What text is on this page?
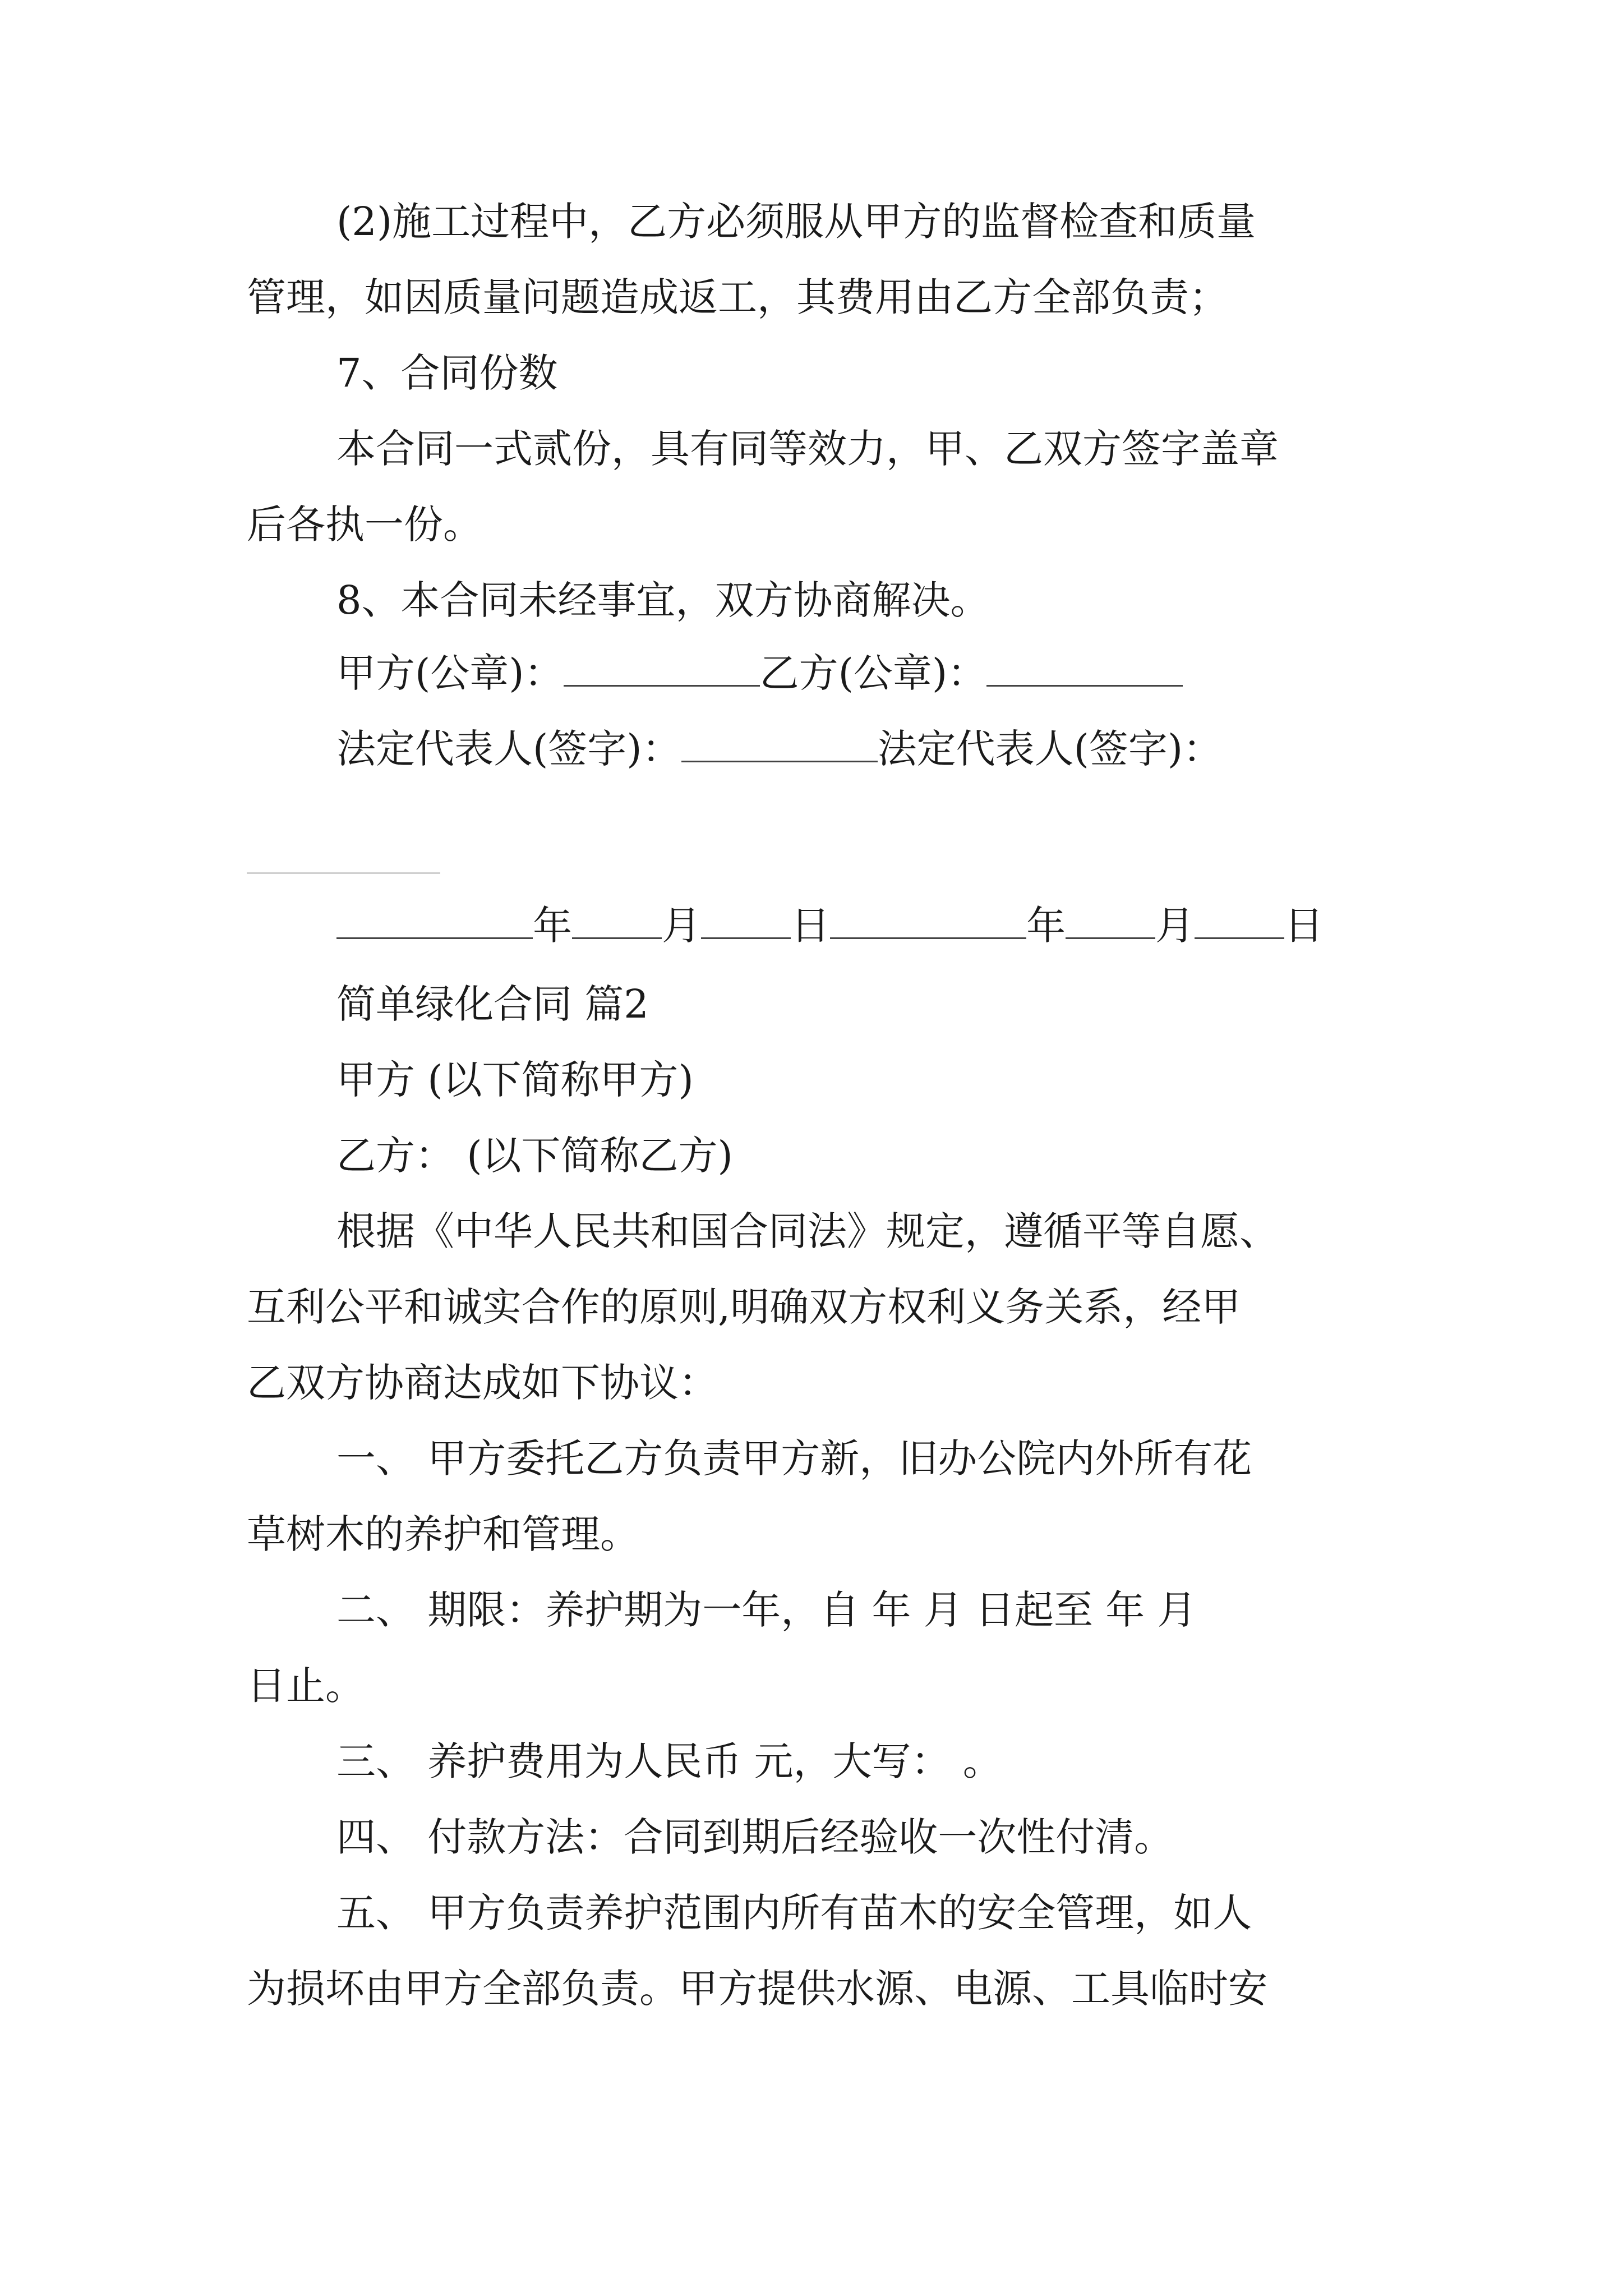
(2)施工过程中，乙方必须服从甲方的监督检查和质量
管理，如因质量问题造成返工，其费用由乙方全部负责；
7、合同份数
本合同一式贰份，具有同等效力，甲、乙双方签字盖章
后各执一份。
8、本合同未经事宜，双方协商解决。
甲方(公章)：	乙方(公章)：
法定代表人(签字)：	法定代表人(签字)：
年 月 日	年 月 日
简单绿化合同 篇2
甲方 (以下简称甲方)
乙方： (以下简称乙方)
根据《中华人民共和国合同法》规定，遵循平等自愿、
互利公平和诚实合作的原则,明确双方权利义务关系，经甲
乙双方协商达成如下协议：
一、 甲方委托乙方负责甲方新，旧办公院内外所有花
草树木的养护和管理。
二、 期限：养护期为一年，自 年 月 日起至 年 月
日止。
三、 养护费用为人民币 元，大写： 。
四、 付款方法：合同到期后经验收一次性付清。
五、 甲方负责养护范围内所有苗木的安全管理，如人
为损坏由甲方全部负责。甲方提供水源、电源、工具临时安
